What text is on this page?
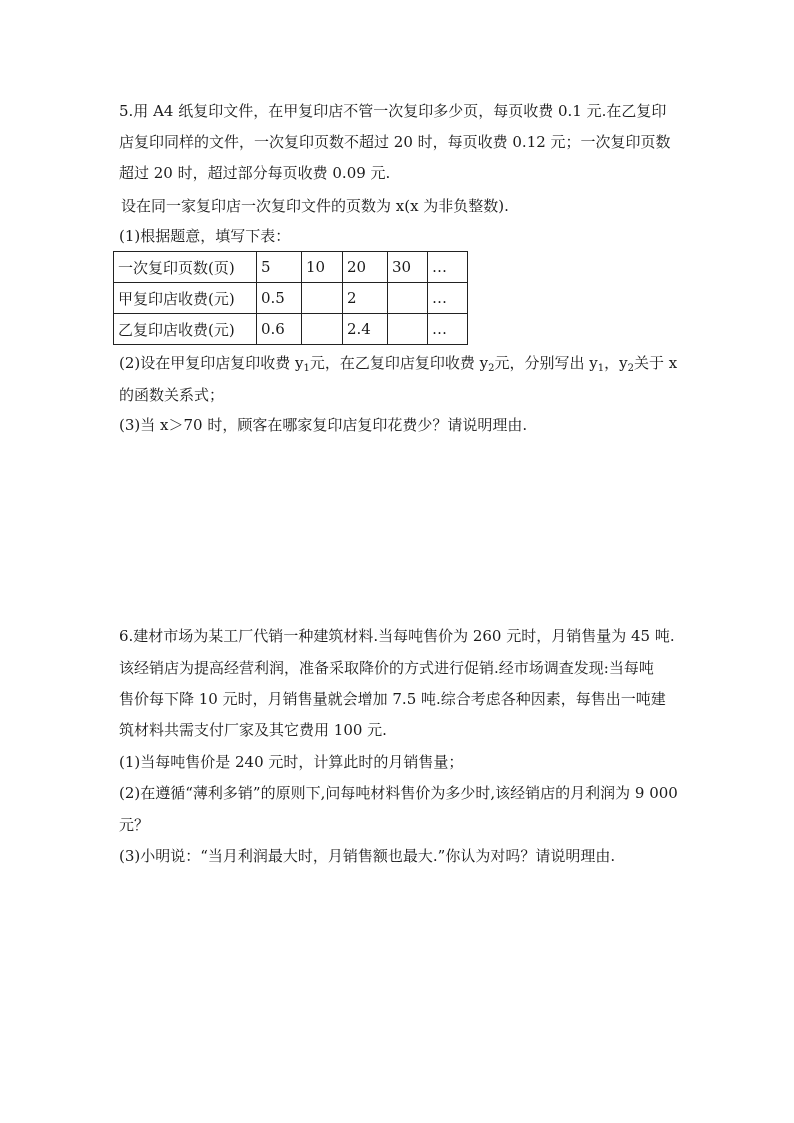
5.用 A4 纸复印文件，在甲复印店不管一次复印多少页，每页收费 0.1 元.在乙复印
店复印同样的文件，一次复印页数不超过 20 时，每页收费 0.12 元；一次复印页数
超过 20 时，超过部分每页收费 0.09 元.
设在同一家复印店一次复印文件的页数为 x(x 为非负整数).
(1)根据题意，填写下表：
一次复印页数(页)	5	10	20	30	…
甲复印店收费(元)	0.5		2		…
乙复印店收费(元)	0.6		2.4		…
(2)设在甲复印店复印收费 $y_1$元，在乙复印店复印收费 $y_2$元，分别写出 $y_1$，$y_2$关于 x
的函数关系式；
(3)当 x＞70 时，顾客在哪家复印店复印花费少？请说明理由.
6.建材市场为某工厂代销一种建筑材料.当每吨售价为 260 元时，月销售量为 45 吨.
该经销店为提高经营利润，准备采取降价的方式进行促销.经市场调查发现:当每吨
售价每下降 10 元时，月销售量就会增加 7.5 吨.综合考虑各种因素，每售出一吨建
筑材料共需支付厂家及其它费用 100 元.
(1)当每吨售价是 240 元时，计算此时的月销售量；
(2)在遵循“薄利多销”的原则下,问每吨材料售价为多少时,该经销店的月利润为 9 000
元？
(3)小明说：“当月利润最大时，月销售额也最大.”你认为对吗？请说明理由.
